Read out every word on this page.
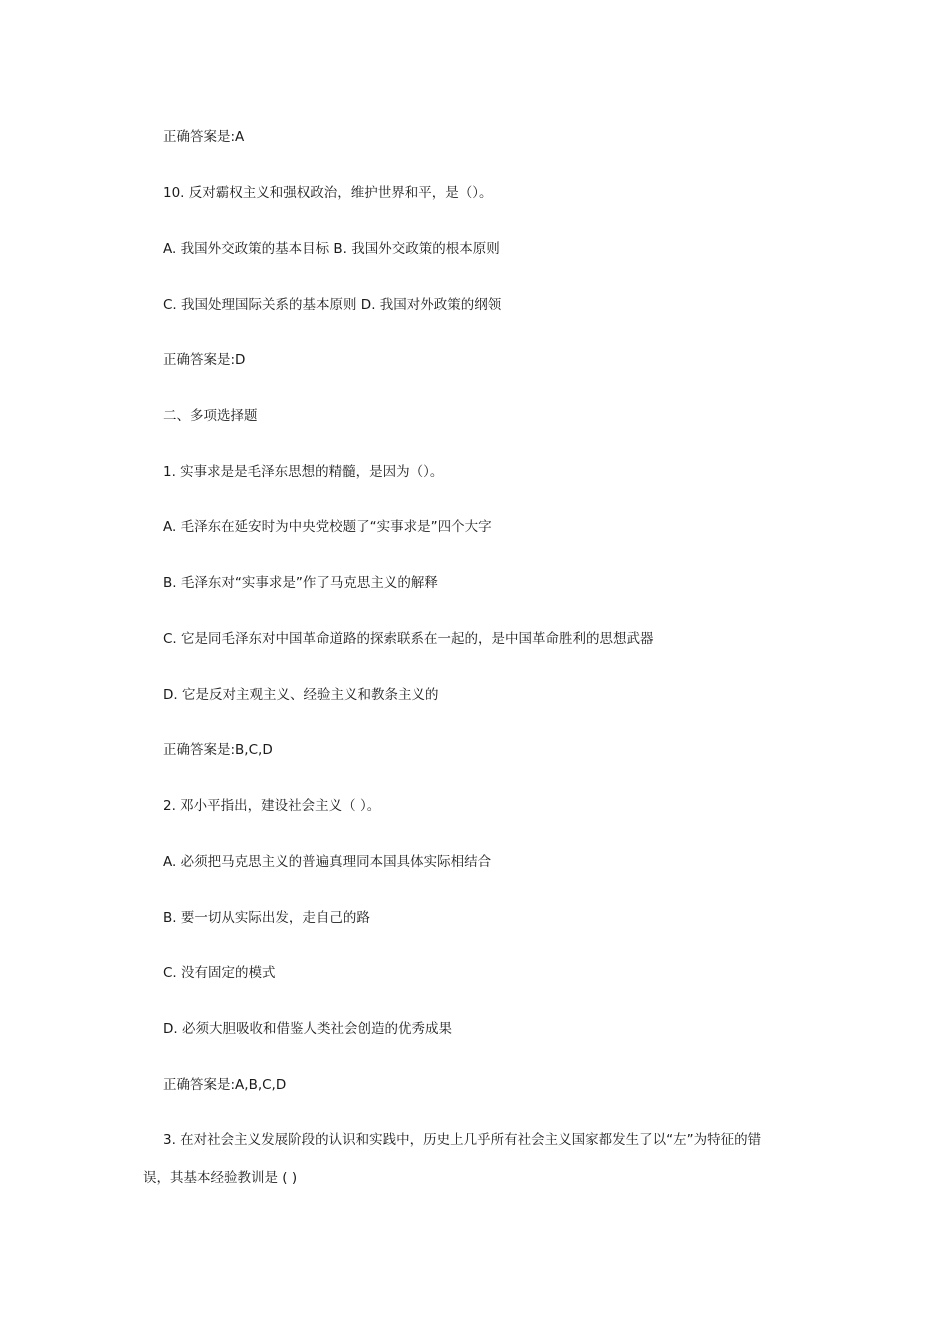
正确答案是:A
10. 反对霸权主义和强权政治，维护世界和平，是（）。
A. 我国外交政策的基本目标 B. 我国外交政策的根本原则
C. 我国处理国际关系的基本原则 D. 我国对外政策的纲领
正确答案是:D
二、多项选择题
1. 实事求是是毛泽东思想的精髓，是因为（）。
A. 毛泽东在延安时为中央党校题了“实事求是”四个大字
B. 毛泽东对“实事求是”作了马克思主义的解释
C. 它是同毛泽东对中国革命道路的探索联系在一起的，是中国革命胜利的思想武器
D. 它是反对主观主义、经验主义和教条主义的
正确答案是:B,C,D
2. 邓小平指出，建设社会主义（ ）。
A. 必须把马克思主义的普遍真理同本国具体实际相结合
B. 要一切从实际出发，走自己的路
C. 没有固定的模式
D. 必须大胆吸收和借鉴人类社会创造的优秀成果
正确答案是:A,B,C,D
3. 在对社会主义发展阶段的认识和实践中，历史上几乎所有社会主义国家都发生了以“左”为特征的错
误，其基本经验教训是 ( )
